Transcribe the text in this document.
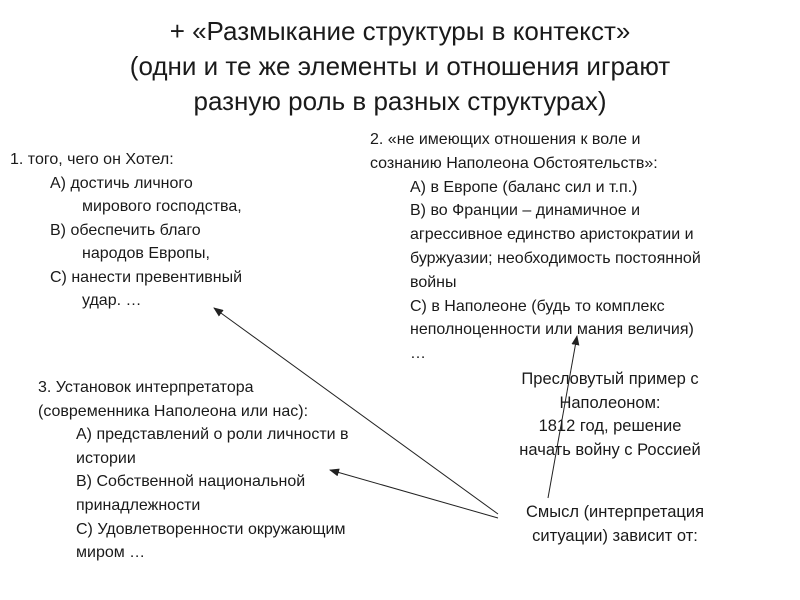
+ «Размыкание структуры в контекст»
(одни и те же элементы и отношения играют
разную роль в разных структурах)
1. того, чего он Хотел:
A) достичь личного
мирового господства,
B) обеспечить благо
народов Европы,
C) нанести превентивный
удар. …
2. «не имеющих отношения к воле и
сознанию Наполеона Обстоятельств»:
A) в Европе (баланс сил и т.п.)
B) во Франции – динамичное и
агрессивное единство аристократии и
буржуазии; необходимость постоянной
войны
C) в Наполеоне (будь то комплекс
неполноценности или мания величия)
…
3. Установок интерпретатора
(современника Наполеона или нас):
A) представлений о роли личности в
истории
B) Собственной национальной
принадлежности
C) Удовлетворенности окружающим
миром …
Пресловутый пример с
Наполеоном:
1812 год, решение
начать войну с Россией
Смысл (интерпретация
ситуации) зависит от:
